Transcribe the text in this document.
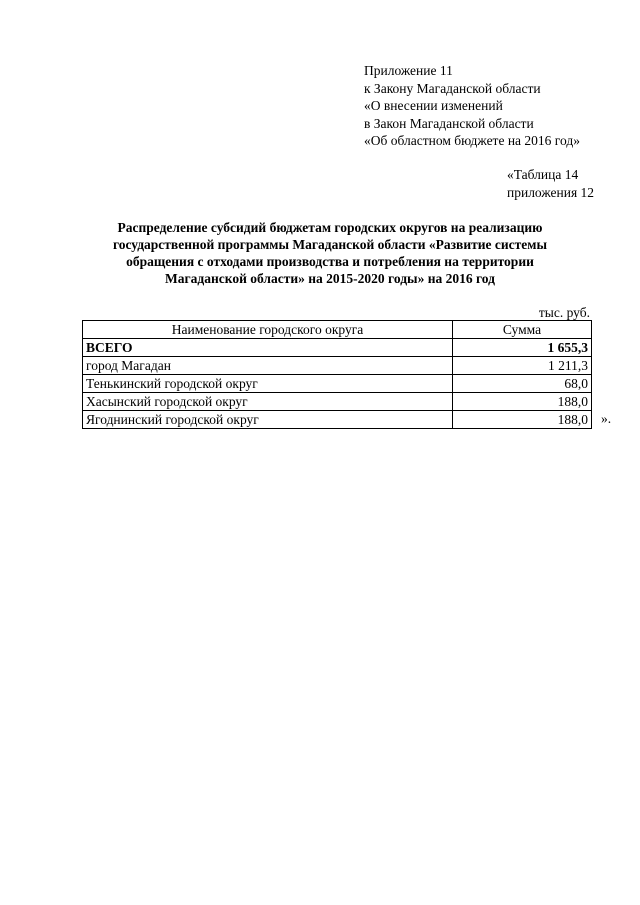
Приложение 11
к Закону Магаданской области
«О внесении изменений
в Закон Магаданской области
«Об областном бюджете на 2016 год»
«Таблица 14
приложения 12
Распределение субсидий бюджетам городских округов на реализацию
государственной программы Магаданской области «Развитие системы
обращения с отходами производства и потребления на территории
Магаданской области» на 2015-2020 годы» на 2016 год
тыс. руб.
Наименование городского округа	Сумма
ВСЕГО	1 655,3
город Магадан	1 211,3
Тенькинский городской округ	68,0
Хасынский городской округ	188,0
Ягоднинский городской округ	188,0 ».
